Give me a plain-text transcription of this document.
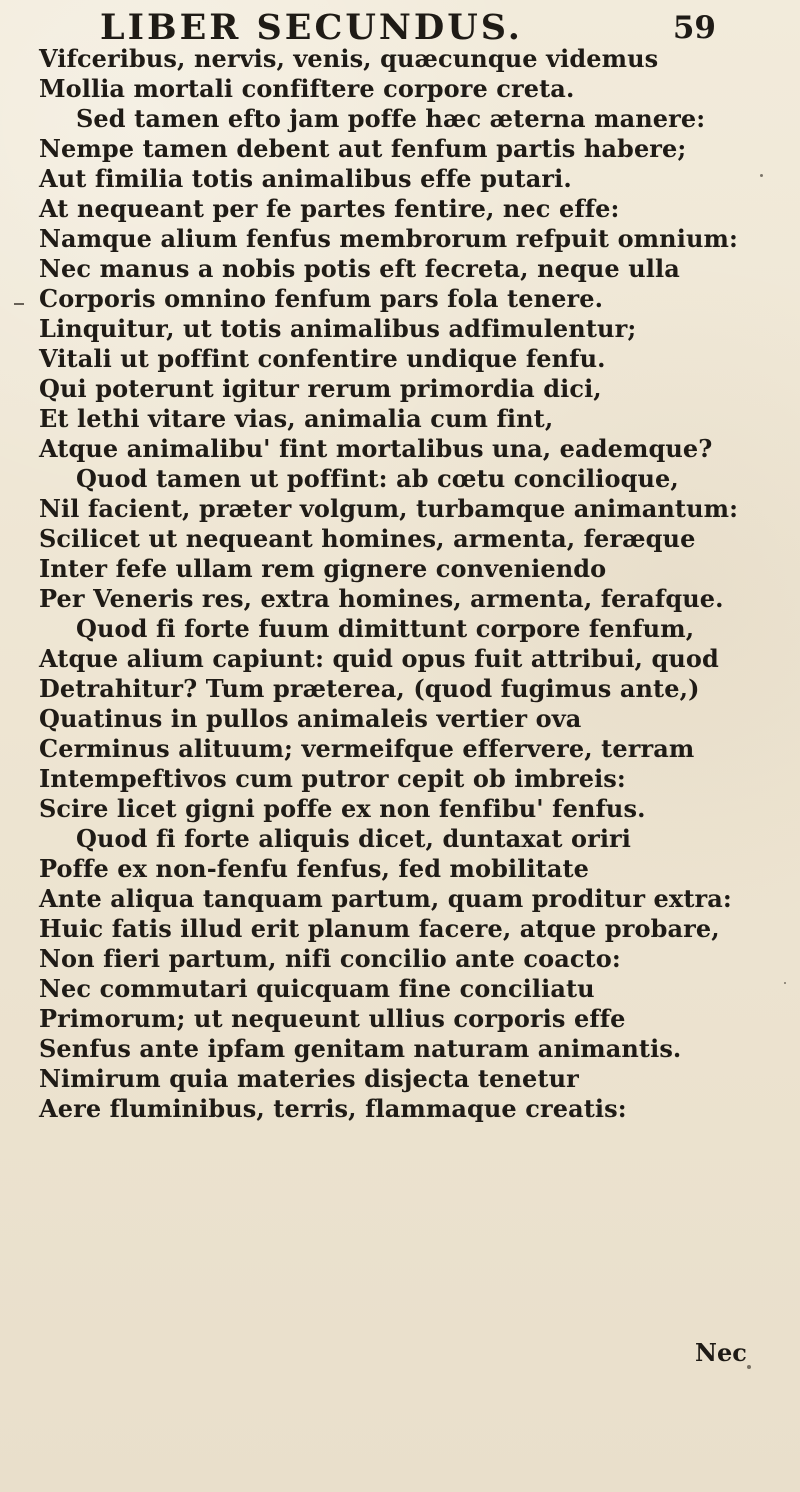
LIBER SECUNDUS.	59
Vifceribus, nervis, venis, quæcunque videmus
Mollia mortali confiftere corpore creta.
Sed tamen efto jam poffe hæc æterna manere:
Nempe tamen debent aut fenfum partis habere;
Aut fimilia totis animalibus effe putari.
At nequeant per fe partes fentire, nec effe:
Namque alium fenfus membrorum refpuit omnium:
Nec manus a nobis potis eft fecreta, neque ulla
Corporis omnino fenfum pars fola tenere.
Linquitur, ut totis animalibus adfimulentur;
Vitali ut poffint confentire undique fenfu.
Qui poterunt igitur rerum primordia dici,
Et lethi vitare vias, animalia cum fint,
Atque animalibu' fint mortalibus una, eademque?
Quod tamen ut poffint: ab cœtu concilioque,
Nil facient, præter volgum, turbamque animantum:
Scilicet ut nequeant homines, armenta, feræque
Inter fefe ullam rem gignere conveniendo
Per Veneris res, extra homines, armenta, ferafque.
Quod fi forte fuum dimittunt corpore fenfum,
Atque alium capiunt: quid opus fuit attribui, quod
Detrahitur? Tum præterea, (quod fugimus ante,)
Quatinus in pullos animaleis vertier ova
Cerminus alituum; vermeifque effervere, terram
Intempeftivos cum putror cepit ob imbreis:
Scire licet gigni poffe ex non fenfibu' fenfus.
Quod fi forte aliquis dicet, duntaxat oriri
Poffe ex non-fenfu fenfus, fed mobilitate
Ante aliqua tanquam partum, quam proditur extra:
Huic fatis illud erit planum facere, atque probare,
Non fieri partum, nifi concilio ante coacto:
Nec commutari quicquam fine conciliatu
Primorum; ut nequeunt ullius corporis effe
Senfus ante ipfam genitam naturam animantis.
Nimirum quia materies disjecta tenetur
Aere fluminibus, terris, flammaque creatis:
Nec
